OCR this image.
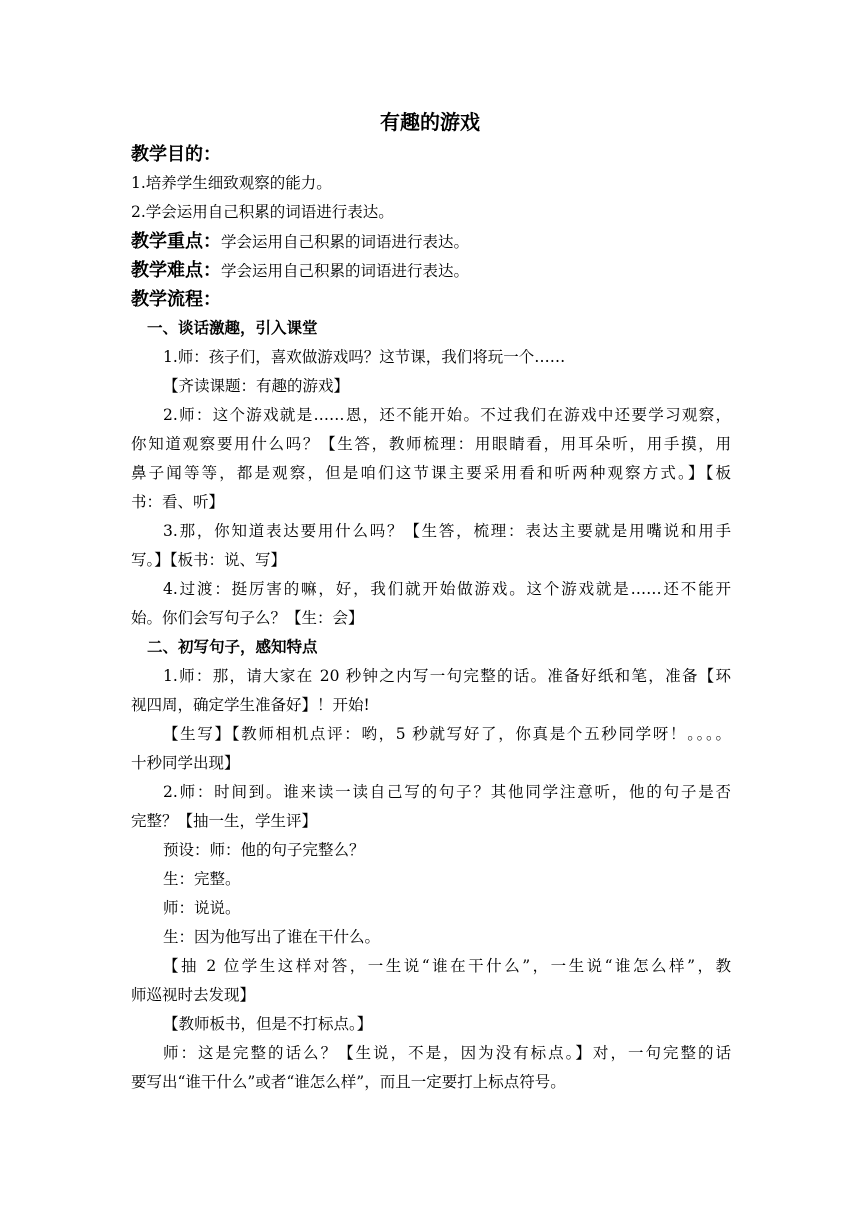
有趣的游戏

教学目的：

1.培养学生细致观察的能力。

2.学会运用自己积累的词语进行表达。

教学重点：学会运用自己积累的词语进行表达。

教学难点：学会运用自己积累的词语进行表达。

教学流程：

一、谈话激趣，引入课堂

1.师：孩子们，喜欢做游戏吗？这节课，我们将玩一个……

【齐读课题：有趣的游戏】

2.师：这个游戏就是……恩，还不能开始。不过我们在游戏中还要学习观察，

你知道观察要用什么吗？【生答，教师梳理：用眼睛看，用耳朵听，用手摸，用

鼻子闻等等，都是观察，但是咱们这节课主要采用看和听两种观察方式。】【板

书：看、听】

3.那，你知道表达要用什么吗？【生答，梳理：表达主要就是用嘴说和用手

写。】【板书：说、写】

4.过渡：挺厉害的嘛，好，我们就开始做游戏。这个游戏就是……还不能开

始。你们会写句子么？【生：会】

二、初写句子，感知特点

1.师：那，请大家在 20 秒钟之内写一句完整的话。准备好纸和笔，准备【环

视四周，确定学生准备好】！开始!

【生写】【教师相机点评：哟，5 秒就写好了，你真是个五秒同学呀！。。。。

十秒同学出现】

2.师：时间到。谁来读一读自己写的句子？其他同学注意听，他的句子是否

完整？【抽一生，学生评】

预设：师：他的句子完整么？

生：完整。

师：说说。

生：因为他写出了谁在干什么。

【抽 2 位学生这样对答，一生说“谁在干什么”，一生说“谁怎么样”，教

师巡视时去发现】

【教师板书，但是不打标点。】

师：这是完整的话么？【生说，不是，因为没有标点。】对，一句完整的话

要写出“谁干什么”或者“谁怎么样”，而且一定要打上标点符号。
